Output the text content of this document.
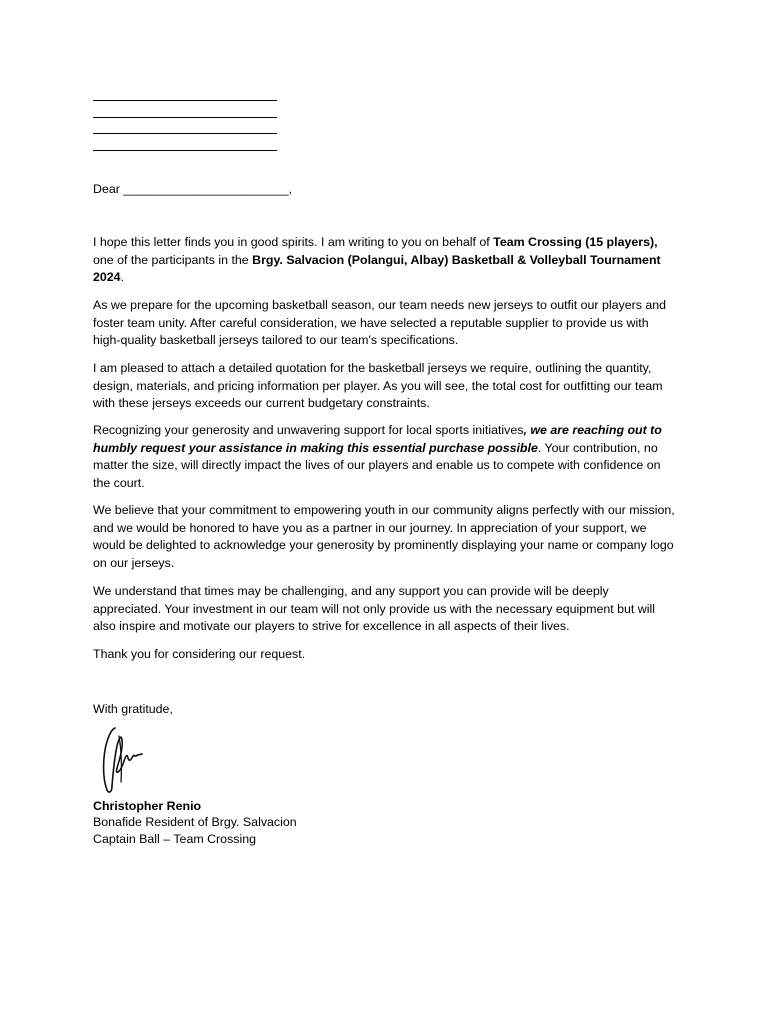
Dear ________________________,
I hope this letter finds you in good spirits. I am writing to you on behalf of Team Crossing (15 players), one of the participants in the Brgy. Salvacion (Polangui, Albay) Basketball & Volleyball Tournament 2024.
As we prepare for the upcoming basketball season, our team needs new jerseys to outfit our players and foster team unity. After careful consideration, we have selected a reputable supplier to provide us with high-quality basketball jerseys tailored to our team's specifications.
I am pleased to attach a detailed quotation for the basketball jerseys we require, outlining the quantity, design, materials, and pricing information per player. As you will see, the total cost for outfitting our team with these jerseys exceeds our current budgetary constraints.
Recognizing your generosity and unwavering support for local sports initiatives, we are reaching out to humbly request your assistance in making this essential purchase possible. Your contribution, no matter the size, will directly impact the lives of our players and enable us to compete with confidence on the court.
We believe that your commitment to empowering youth in our community aligns perfectly with our mission, and we would be honored to have you as a partner in our journey. In appreciation of your support, we would be delighted to acknowledge your generosity by prominently displaying your name or company logo on our jerseys.
We understand that times may be challenging, and any support you can provide will be deeply appreciated. Your investment in our team will not only provide us with the necessary equipment but will also inspire and motivate our players to strive for excellence in all aspects of their lives.
Thank you for considering our request.
With gratitude,
Christopher Renio
Bonafide Resident of Brgy. Salvacion
Captain Ball – Team Crossing
